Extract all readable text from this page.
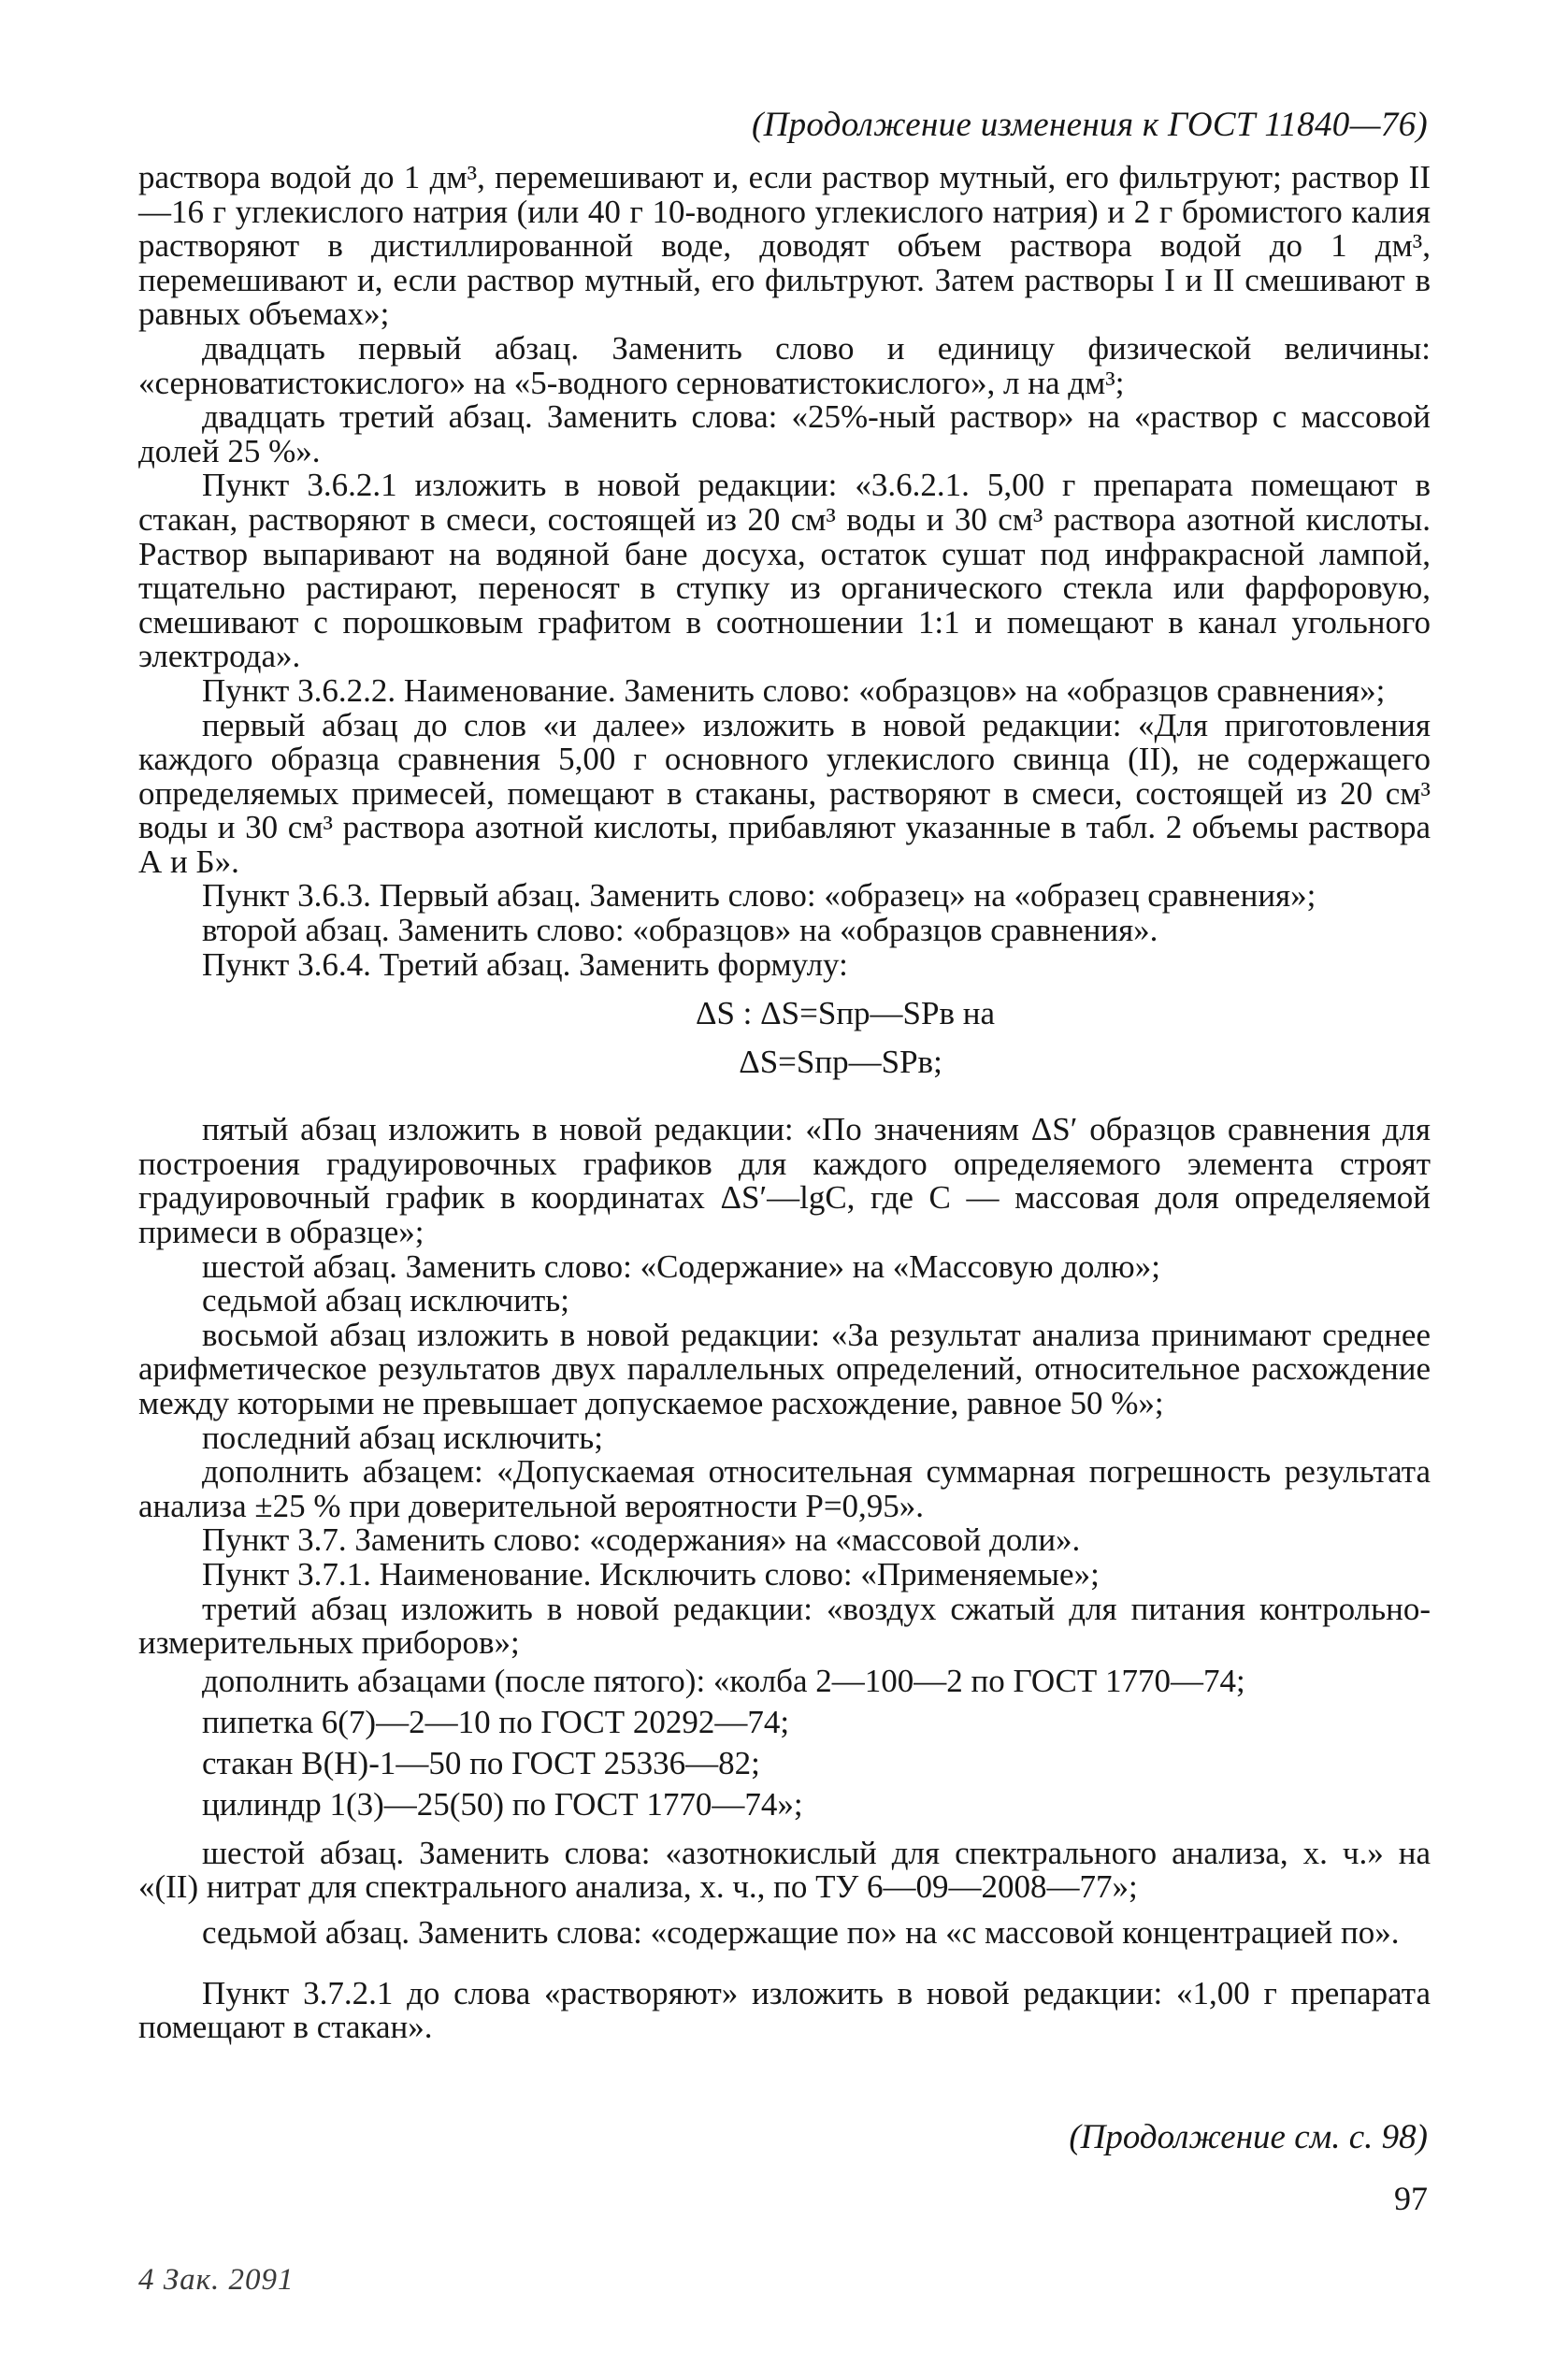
(Продолжение изменения к ГОСТ 11840—76)

раствора водой до 1 дм³, перемешивают и, если раствор мутный, его фильтруют; раствор II—16 г углекислого натрия (или 40 г 10-водного углекислого натрия) и 2 г бромистого калия растворяют в дистиллированной воде, доводят объем раствора водой до 1 дм³, перемешивают и, если раствор мутный, его фильтруют. Затем растворы I и II смешивают в равных объемах»;

двадцать первый абзац. Заменить слово и единицу физической величины: «серноватистокислого» на «5-водного серноватистокислого», л на дм³;

двадцать третий абзац. Заменить слова: «25%-ный раствор» на «раствор с массовой долей 25 %».

Пункт 3.6.2.1 изложить в новой редакции: «3.6.2.1. 5,00 г препарата помещают в стакан, растворяют в смеси, состоящей из 20 см³ воды и 30 см³ раствора азотной кислоты. Раствор выпаривают на водяной бане досуха, остаток сушат под инфракрасной лампой, тщательно растирают, переносят в ступку из органического стекла или фарфоровую, смешивают с порошковым графитом в соотношении 1:1 и помещают в канал угольного электрода».

Пункт 3.6.2.2. Наименование. Заменить слово: «образцов» на «образцов сравнения»;

первый абзац до слов «и далее» изложить в новой редакции: «Для приготовления каждого образца сравнения 5,00 г основного углекислого свинца (II), не содержащего определяемых примесей, помещают в стаканы, растворяют в смеси, состоящей из 20 см³ воды и 30 см³ раствора азотной кислоты, прибавляют указанные в табл. 2 объемы раствора А и Б».

Пункт 3.6.3. Первый абзац. Заменить слово: «образец» на «образец сравнения»;

второй абзац. Заменить слово: «образцов» на «образцов сравнения».

Пункт 3.6.4. Третий абзац. Заменить формулу:

ΔS : ΔS=Sпр—SPв на
ΔS=Sпр—SPв;

пятый абзац изложить в новой редакции: «По значениям ΔS′ образцов сравнения для построения градуировочных графиков для каждого определяемого элемента строят градуировочный график в координатах ΔS′—lgC, где C — массовая доля определяемой примеси в образце»;

шестой абзац. Заменить слово: «Содержание» на «Массовую долю»;

седьмой абзац исключить;

восьмой абзац изложить в новой редакции: «За результат анализа принимают среднее арифметическое результатов двух параллельных определений, относительное расхождение между которыми не превышает допускаемое расхождение, равное 50 %»;

последний абзац исключить;

дополнить абзацем: «Допускаемая относительная суммарная погрешность результата анализа ±25 % при доверительной вероятности P=0,95».

Пункт 3.7. Заменить слово: «содержания» на «массовой доли».

Пункт 3.7.1. Наименование. Исключить слово: «Применяемые»;

третий абзац изложить в новой редакции: «воздух сжатый для питания контрольно-измерительных приборов»;

дополнить абзацами (после пятого): «колба 2—100—2 по ГОСТ 1770—74;

пипетка 6(7)—2—10 по ГОСТ 20292—74;

стакан В(Н)-1—50 по ГОСТ 25336—82;

цилиндр 1(3)—25(50) по ГОСТ 1770—74»;

шестой абзац. Заменить слова: «азотнокислый для спектрального анализа, х. ч.» на «(II) нитрат для спектрального анализа, х. ч., по ТУ 6—09—2008—77»;

седьмой абзац. Заменить слова: «содержащие по» на «с массовой концентрацией по».

Пункт 3.7.2.1 до слова «растворяют» изложить в новой редакции: «1,00 г препарата помещают в стакан».

(Продолжение см. с. 98)
97
4 Зак. 2091
